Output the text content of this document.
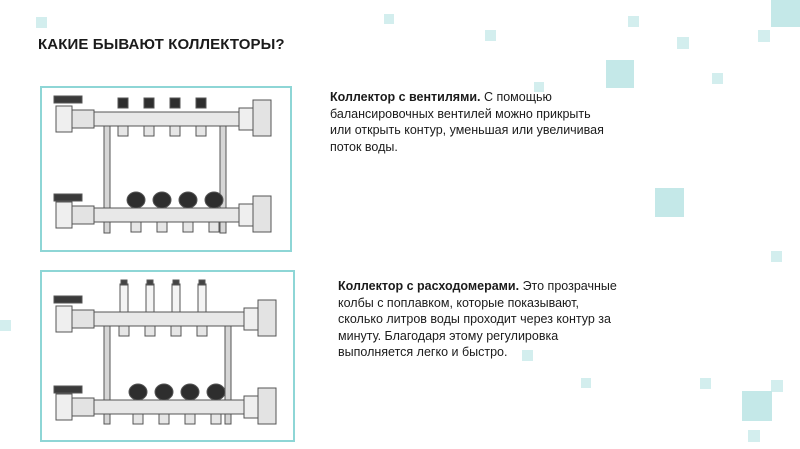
КАКИЕ БЫВАЮТ КОЛЛЕКТОРЫ?
Коллектор с вентилями. С помощью балансировочных вентилей можно прикрыть или открыть контур, уменьшая или увеличивая поток воды.
Коллектор с расходомерами. Это прозрачные колбы с поплавком, которые показывают, сколько литров воды проходит через контур за минуту. Благодаря этому регулировка выполняется легко и быстро.
